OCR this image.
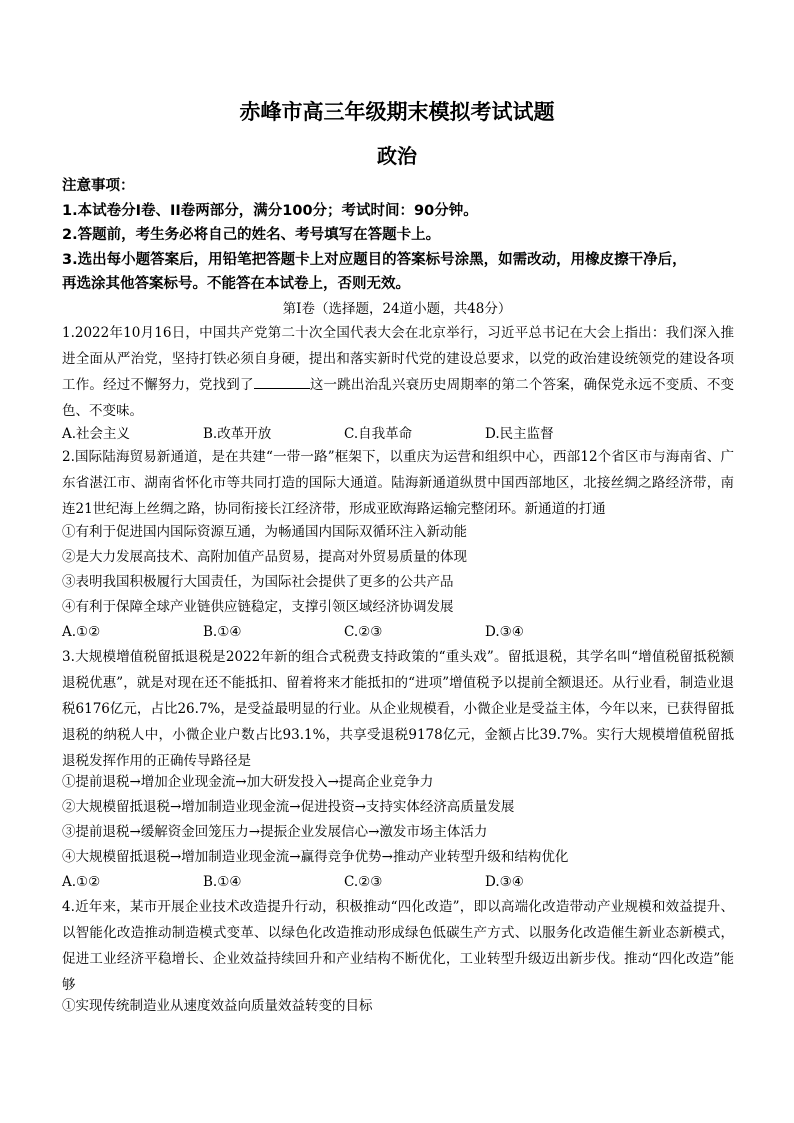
赤峰市高三年级期末模拟考试试题
政治
注意事项：
1.本试卷分Ⅰ卷、II卷两部分，满分100分；考试时间：90分钟。
2.答题前，考生务必将自己的姓名、考号填写在答题卡上。
3.选出每小题答案后，用铅笔把答题卡上对应题目的答案标号涂黑，如需改动，用橡皮擦干净后，
再选涂其他答案标号。不能答在本试卷上，否则无效。
第Ⅰ卷（选择题，24道小题，共48分）
1.2022年10月16日，中国共产党第二十次全国代表大会在北京举行，习近平总书记在大会上指出：我们深入推进全面从严治党，坚持打铁必须自身硬，提出和落实新时代党的建设总要求，以党的政治建设统领党的建设各项工作。经过不懈努力，党找到了	这一跳出治乱兴衰历史周期率的第二个答案，确保党永远不变质、不变色、不变味。
A.社会主义	B.改革开放	C.自我革命	D.民主监督
2.国际陆海贸易新通道，是在共建“一带一路”框架下，以重庆为运营和组织中心，西部12个省区市与海南省、广东省湛江市、湖南省怀化市等共同打造的国际大通道。陆海新通道纵贯中国西部地区，北接丝绸之路经济带，南连21世纪海上丝绸之路，协同衔接长江经济带，形成亚欧海路运输完整闭环。新通道的打通
①有利于促进国内国际资源互通，为畅通国内国际双循环注入新动能
②是大力发展高技术、高附加值产品贸易，提高对外贸易质量的体现
③表明我国积极履行大国责任，为国际社会提供了更多的公共产品
④有利于保障全球产业链供应链稳定，支撑引领区域经济协调发展
A.①②	B.①④	C.②③	D.③④
3.大规模增值税留抵退税是2022年新的组合式税费支持政策的“重头戏”。留抵退税，其学名叫“增值税留抵税额退税优惠”，就是对现在还不能抵扣、留着将来才能抵扣的“进项”增值税予以提前全额退还。从行业看，制造业退税6176亿元，占比26.7%，是受益最明显的行业。从企业规模看，小微企业是受益主体，今年以来，已获得留抵退税的纳税人中，小微企业户数占比93.1%，共享受退税9178亿元，金额占比39.7%。实行大规模增值税留抵退税发挥作用的正确传导路径是
①提前退税→增加企业现金流→加大研发投入→提高企业竞争力
②大规模留抵退税→增加制造业现金流→促进投资→支持实体经济高质量发展
③提前退税→缓解资金回笼压力→提振企业发展信心→激发市场主体活力
④大规模留抵退税→增加制造业现金流→赢得竞争优势→推动产业转型升级和结构优化
A.①②	B.①④	C.②③	D.③④
4.近年来，某市开展企业技术改造提升行动，积极推动“四化改造”，即以高端化改造带动产业规模和效益提升、以智能化改造推动制造模式变革、以绿色化改造推动形成绿色低碳生产方式、以服务化改造催生新业态新模式，促进工业经济平稳增长、企业效益持续回升和产业结构不断优化，工业转型升级迈出新步伐。推动“四化改造”能够
①实现传统制造业从速度效益向质量效益转变的目标
